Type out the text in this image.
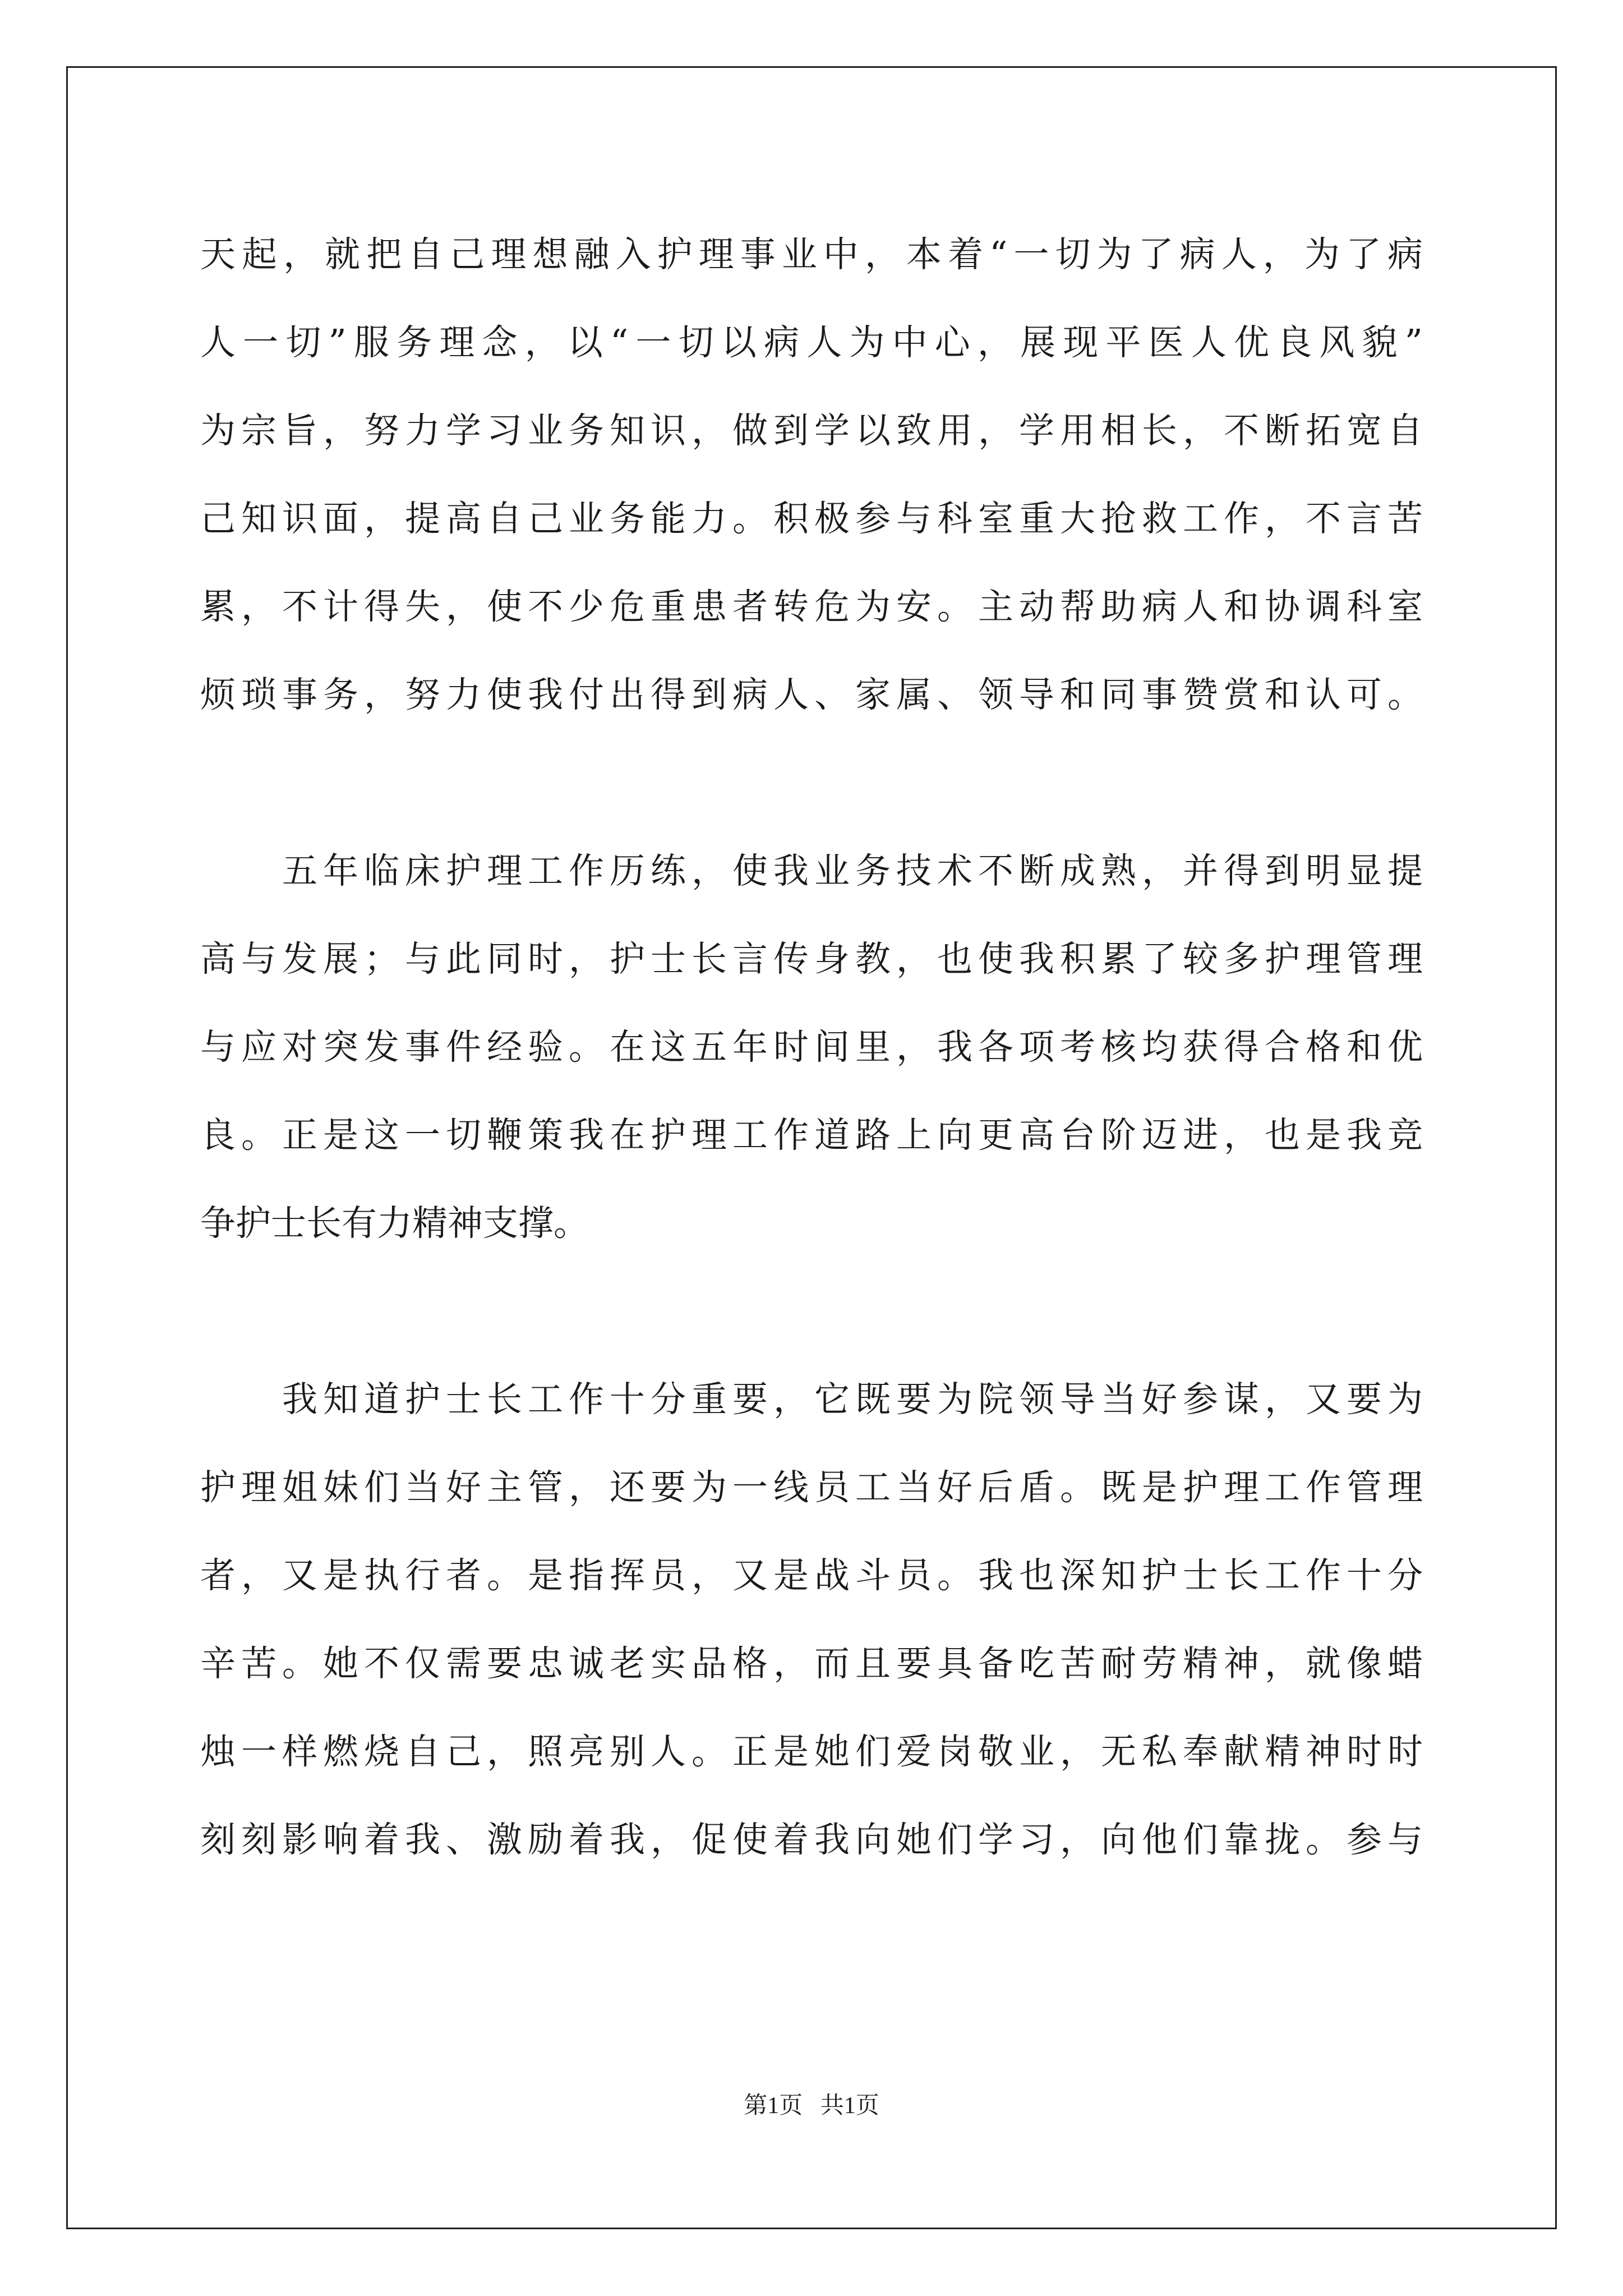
天起，就把自己理想融入护理事业中，本着“一切为了病人，为了病
人一切”服务理念，以“一切以病人为中心，展现平医人优良风貌”
为宗旨，努力学习业务知识，做到学以致用，学用相长，不断拓宽自
己知识面，提高自己业务能力。积极参与科室重大抢救工作，不言苦
累，不计得失，使不少危重患者转危为安。主动帮助病人和协调科室
烦琐事务，努力使我付出得到病人、家属、领导和同事赞赏和认可。
　　五年临床护理工作历练，使我业务技术不断成熟，并得到明显提
高与发展；与此同时，护士长言传身教，也使我积累了较多护理管理
与应对突发事件经验。在这五年时间里，我各项考核均获得合格和优
良。正是这一切鞭策我在护理工作道路上向更高台阶迈进，也是我竞
争护士长有力精神支撑。
　　我知道护士长工作十分重要，它既要为院领导当好参谋，又要为
护理姐妹们当好主管，还要为一线员工当好后盾。既是护理工作管理
者，又是执行者。是指挥员，又是战斗员。我也深知护士长工作十分
辛苦。她不仅需要忠诚老实品格，而且要具备吃苦耐劳精神，就像蜡
烛一样燃烧自己，照亮别人。正是她们爱岗敬业，无私奉献精神时时
刻刻影响着我、激励着我，促使着我向她们学习，向他们靠拢。参与
第1页   共1页
